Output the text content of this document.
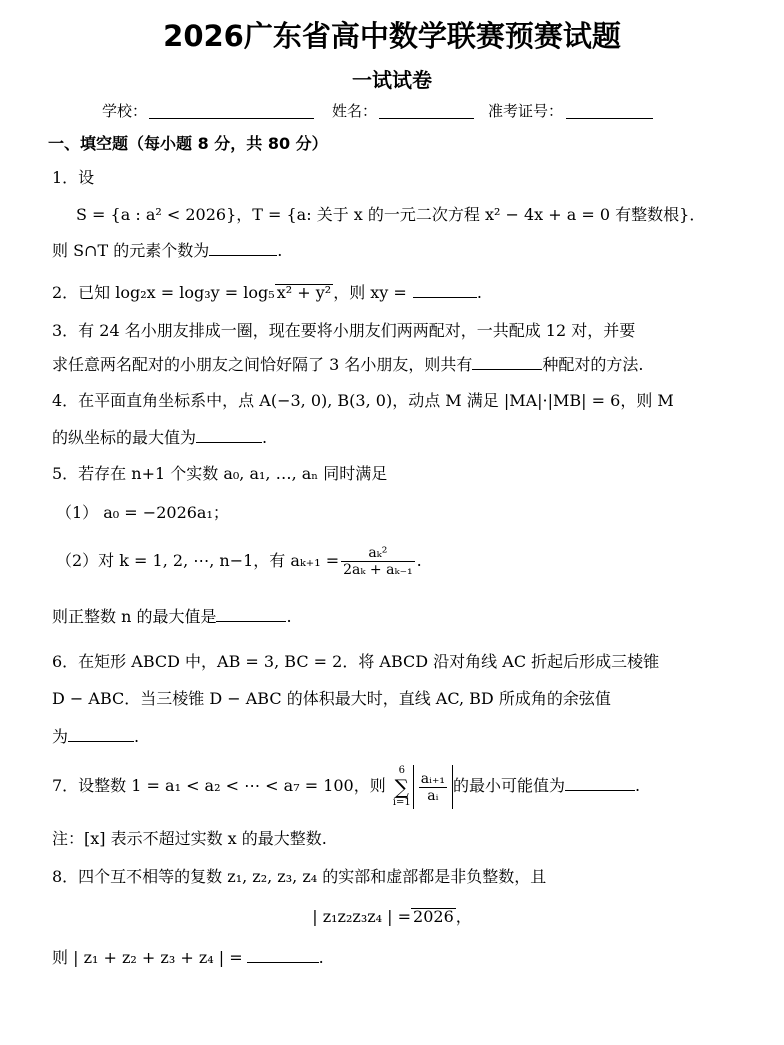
2026广东省高中数学联赛预赛试题
一试试卷
学校：	姓名：	准考证号：
一、填空题（每小题 8 分，共 80 分）
1．设
S = {a : a² < 2026}，T = {a: 关于 x 的一元二次方程 x² − 4x + a = 0 有整数根}．
则 S∩T 的元素个数为	.
2．已知 log₂x = log₃y = log₅ x² + y² ，则 xy =	.
3．有 24 名小朋友排成一圈，现在要将小朋友们两两配对，一共配成 12 对，并要
求任意两名配对的小朋友之间恰好隔了 3 名小朋友，则共有	种配对的方法.
4．在平面直角坐标系中，点 A(−3, 0), B(3, 0)，动点 M 满足 |MA|·|MB| = 6，则 M
的纵坐标的最大值为	.
5．若存在 n+1 个实数 a₀, a₁, …, aₙ 同时满足
（1） a₀ = −2026a₁；
（2）对 k = 1, 2, ⋯, n−1，有 $a_{k+1} = \frac{\text{aₖ²}}{\text{2aₖ + aₖ₋₁}}$ .
则正整数 n 的最大值是	.
6．在矩形 ABCD 中，AB = 3, BC = 2．将 ABCD 沿对角线 AC 折起后形成三棱锥
D − ABC．当三棱锥 D − ABC 的体积最大时，直线 AC, BD 所成角的余弦值
为	.
7．设整数 1 = a₁ < a₂ < ⋯ < a₇ = 100，则
6
∑
$i=1 \frac{\text{aᵢ₊₁}}{\text{aᵢ}}$ 的最小可能值为	.
注：[x] 表示不超过实数 x 的最大整数.
8．四个互不相等的复数 z₁, z₂, z₃, z₄ 的实部和虚部都是非负整数，且
| z₁z₂z₃z₄ | = 2026 ，
则 | z₁ + z₂ + z₃ + z₄ | =	.
